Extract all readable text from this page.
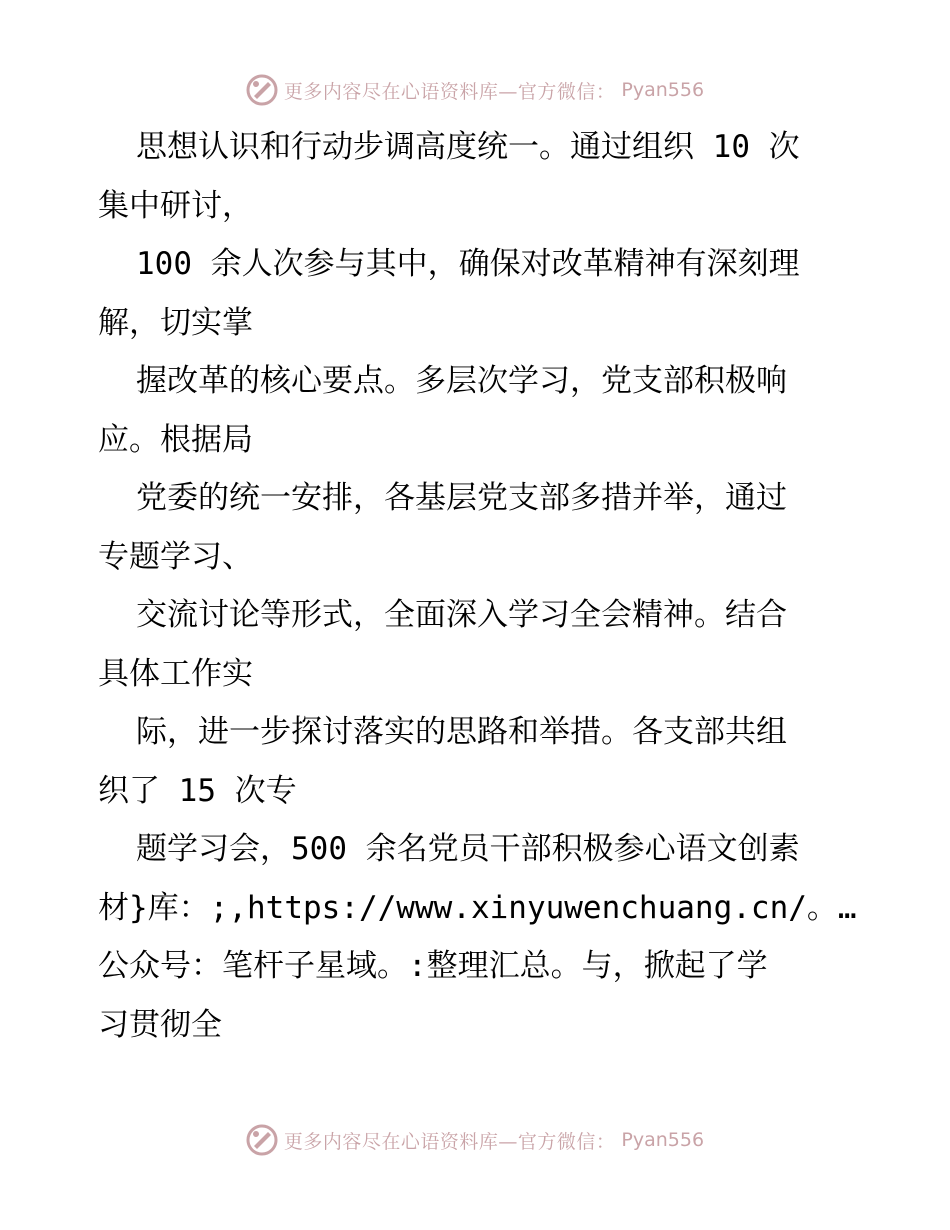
更多内容尽在心语资料库—官方微信： Pyan556
思想认识和行动步调高度统一。通过组织 10 次
集中研讨，
100 余人次参与其中，确保对改革精神有深刻理
解，切实掌
握改革的核心要点。多层次学习，党支部积极响
应。根据局
党委的统一安排，各基层党支部多措并举，通过
专题学习、
交流讨论等形式，全面深入学习全会精神。结合
具体工作实
际，进一步探讨落实的思路和举措。各支部共组
织了 15 次专
题学习会，500 余名党员干部积极参心语文创素
材}库：;,https://www.xinyuwenchuang.cn/。…
公众号：笔杆子星域。:整理汇总。与，掀起了学
习贯彻全
更多内容尽在心语资料库—官方微信： Pyan556
